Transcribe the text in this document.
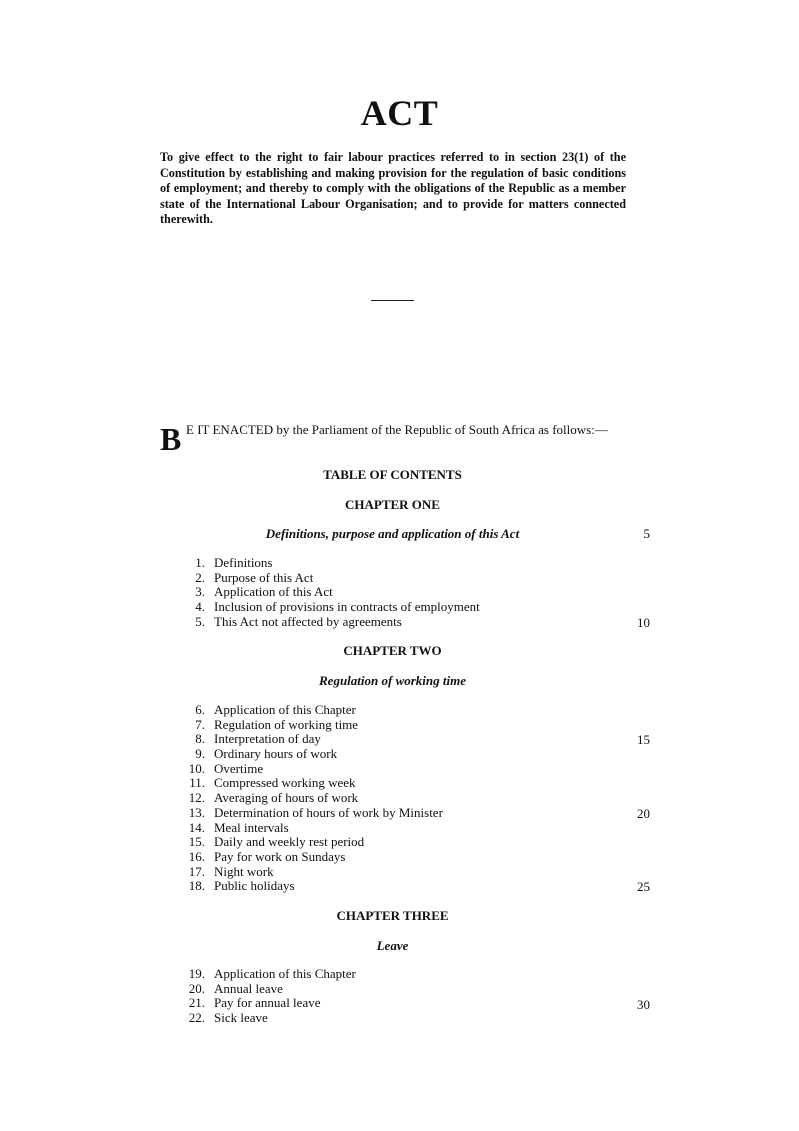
ACT
To give effect to the right to fair labour practices referred to in section 23(1) of the Constitution by establishing and making provision for the regulation of basic conditions of employment; and thereby to comply with the obligations of the Republic as a member state of the International Labour Organisation; and to provide for matters connected therewith.
B E IT ENACTED by the Parliament of the Republic of South Africa as follows:—
TABLE OF CONTENTS
CHAPTER ONE
Definitions, purpose and application of this Act	5
1. Definitions
2. Purpose of this Act
3. Application of this Act
4. Inclusion of provisions in contracts of employment
5. This Act not affected by agreements	10
CHAPTER TWO
Regulation of working time
6. Application of this Chapter
7. Regulation of working time
8. Interpretation of day
9. Ordinary hours of work
10. Overtime
11. Compressed working week
12. Averaging of hours of work
13. Determination of hours of work by Minister
14. Meal intervals
15. Daily and weekly rest period
16. Pay for work on Sundays
17. Night work
18. Public holidays
15
20
25
CHAPTER THREE
Leave
19. Application of this Chapter
20. Annual leave
21. Pay for annual leave
22. Sick leave
30
